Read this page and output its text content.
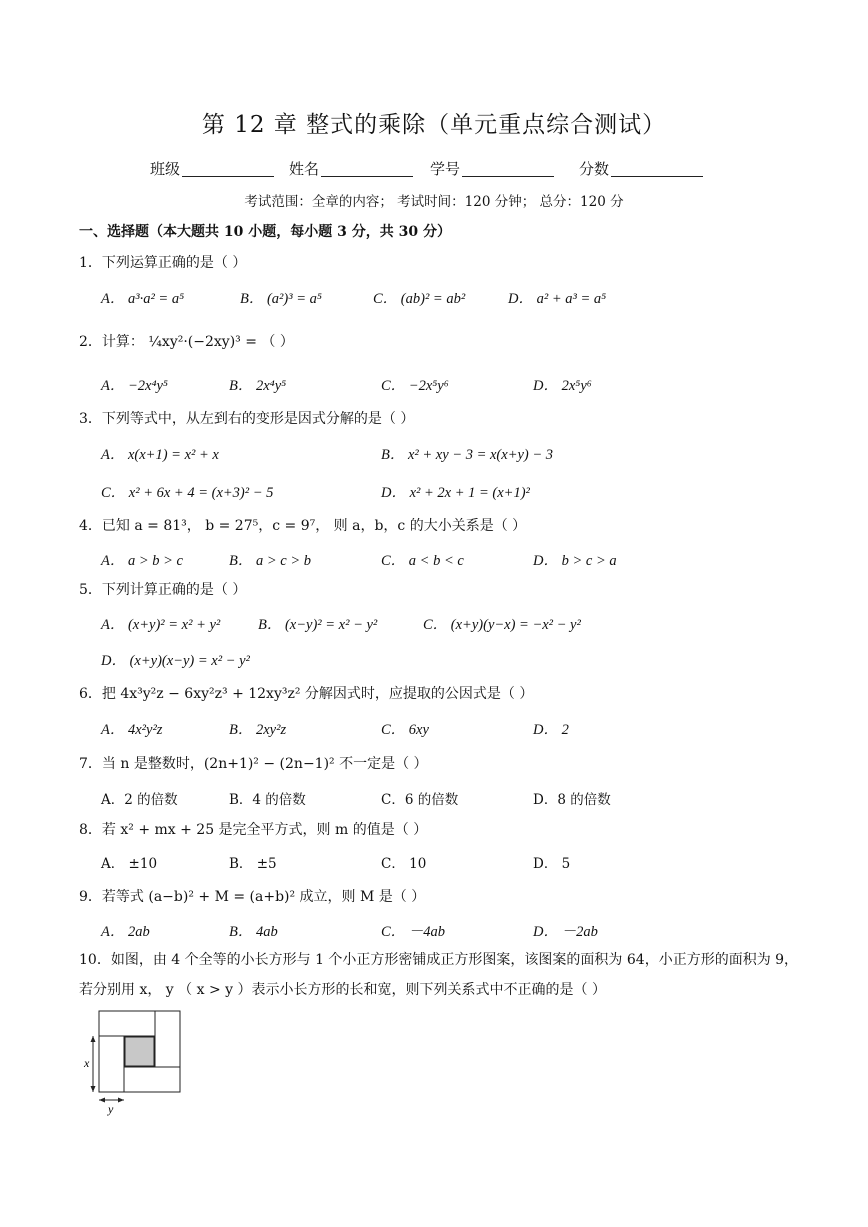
第 12 章 整式的乘除（单元重点综合测试）
班级	姓名	学号	分数
考试范围：全章的内容； 考试时间：120 分钟； 总分：120 分
一、选择题（本大题共 10 小题，每小题 3 分，共 30 分）
1．下列运算正确的是（ ）
A． a³·a² = a⁵	B． (a²)³ = a⁵	C． (ab)² = ab²	D． a² + a³ = a⁵
2．计算： ¼xy²·(−2xy)³ = （ ）
A． −2x⁴y⁵	B． 2x⁴y⁵	C． −2x⁵y⁶	D． 2x⁵y⁶
3．下列等式中，从左到右的变形是因式分解的是（ ）
A． x(x+1) = x² + x	B． x² + xy − 3 = x(x+y) − 3
C． x² + 6x + 4 = (x+3)² − 5	D． x² + 2x + 1 = (x+1)²
4．已知 a = 81³， b = 27⁵，c = 9⁷， 则 a，b，c 的大小关系是（ ）
A． a > b > c	B． a > c > b	C． a < b < c	D． b > c > a
5．下列计算正确的是（ ）
A． (x+y)² = x² + y²	B． (x−y)² = x² − y²	C． (x+y)(y−x) = −x² − y²
D． (x+y)(x−y) = x² − y²
6．把 4x³y²z − 6xy²z³ + 12xy³z² 分解因式时，应提取的公因式是（ ）
A． 4x²y²z	B． 2xy²z	C． 6xy	D． 2
7．当 n 是整数时，(2n+1)² − (2n−1)² 不一定是（ ）
A．2 的倍数	B．4 的倍数	C．6 的倍数	D．8 的倍数
8．若 x² + mx + 25 是完全平方式，则 m 的值是（ ）
A． ±10	B． ±5	C． 10	D． 5
9．若等式 (a−b)² + M = (a+b)² 成立，则 M 是（ ）
A． 2ab	B． 4ab	C． －4ab	D． －2ab
10．如图，由 4 个全等的小长方形与 1 个小正方形密铺成正方形图案，该图案的面积为 64，小正方形的面积为 9，若分别用 x， y （ x > y ）表示小长方形的长和宽，则下列关系式中不正确的是（ ）
x
y
